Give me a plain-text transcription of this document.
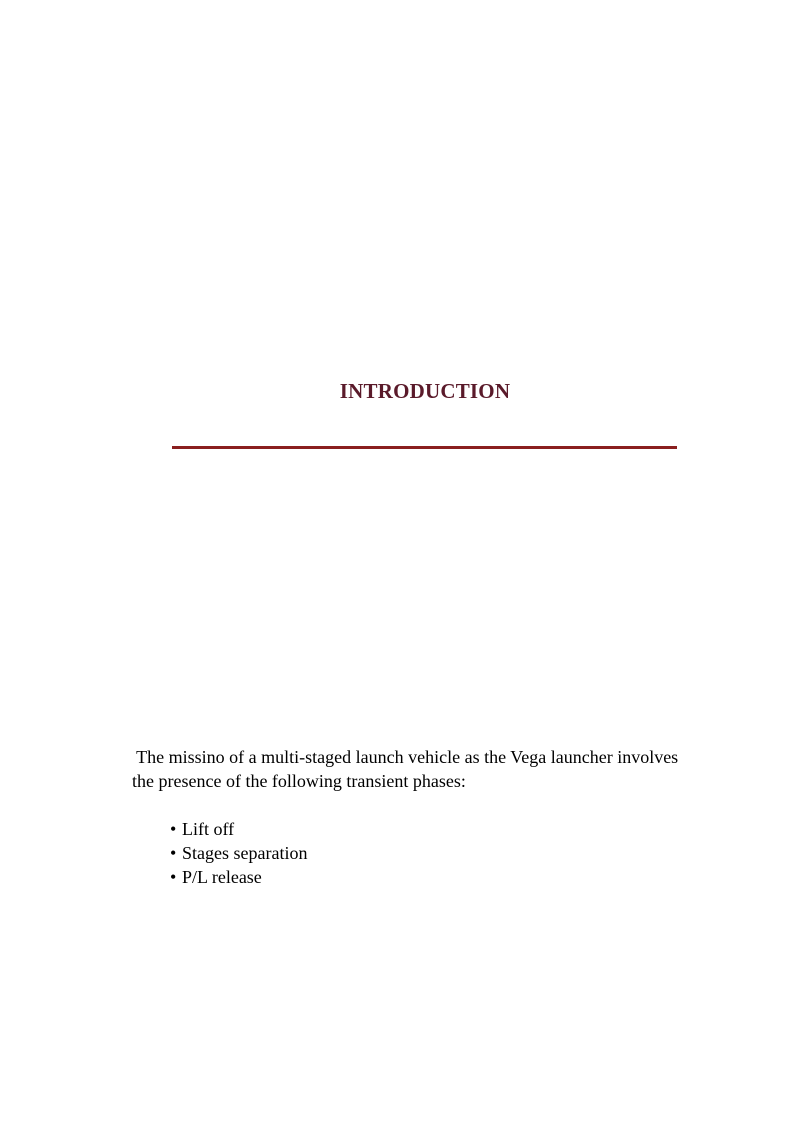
INTRODUCTION

The missino of a multi-staged launch vehicle as the Vega launcher involves
the presence of the following transient phases:

• Lift off
• Stages separation
• P/L release
